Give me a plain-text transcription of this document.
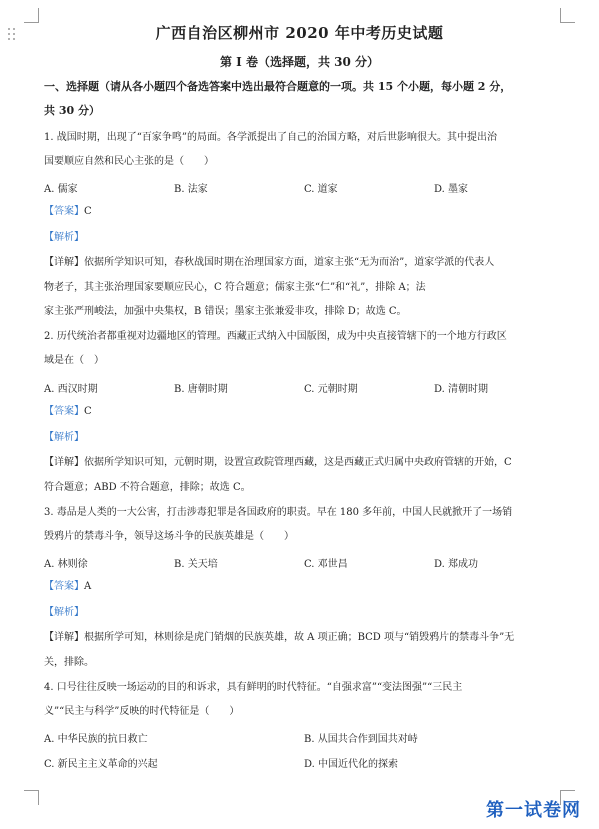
广西自治区柳州市 2020 年中考历史试题
第 I 卷（选择题，共 30 分）
一、选择题（请从各小题四个备选答案中选出最符合题意的一项。共 15 个小题，每小题 2 分，
共 30 分）
1. 战国时期，出现了“百家争鸣”的局面。各学派提出了自己的治国方略，对后世影响很大。其中提出治
国要顺应自然和民心主张的是（　　）
A. 儒家	B. 法家	C. 道家	D. 墨家
【答案】C
【解析】
【详解】依据所学知识可知，春秋战国时期在治理国家方面，道家主张“无为而治”，道家学派的代表人
物老子，其主张治理国家要顺应民心，C 符合题意；儒家主张“仁”和“礼”，排除 A；法
家主张严刑峻法，加强中央集权，B 错误；墨家主张兼爱非攻，排除 D；故选 C。
2. 历代统治者都重视对边疆地区的管理。西藏正式纳入中国版图，成为中央直接管辖下的一个地方行政区
域是在（　）
A. 西汉时期	B. 唐朝时期	C. 元朝时期	D. 清朝时期
【答案】C
【解析】
【详解】依据所学知识可知，元朝时期，设置宣政院管理西藏，这是西藏正式归属中央政府管辖的开始，C
符合题意；ABD 不符合题意，排除；故选 C。
3. 毒品是人类的一大公害，打击涉毒犯罪是各国政府的职责。早在 180 多年前，中国人民就掀开了一场销
毁鸦片的禁毒斗争，领导这场斗争的民族英雄是（　　）
A. 林则徐	B. 关天培	C. 邓世昌	D. 郑成功
【答案】A
【解析】
【详解】根据所学可知，林则徐是虎门销烟的民族英雄，故 A 项正确；BCD 项与“销毁鸦片的禁毒斗争”无
关，排除。
4. 口号往往反映一场运动的目的和诉求，具有鲜明的时代特征。“自强求富”“变法图强”“三民主
义”“民主与科学”反映的时代特征是（　　）
A. 中华民族的抗日救亡	B. 从国共合作到国共对峙
C. 新民主主义革命的兴起	D. 中国近代化的探索
第一试卷网
